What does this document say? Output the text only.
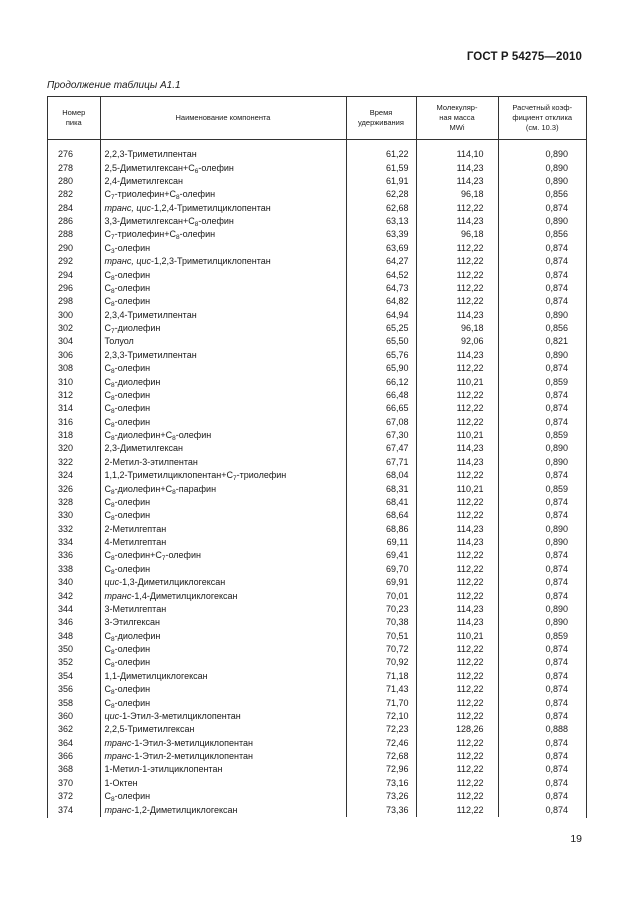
ГОСТ Р 54275—2010
Продолжение таблицы А1.1
Номер
пика	Наименование компонента	Время
удерживания	Молекуляр-
ная масса
MWi	Расчетный коэф-
фициент отклика
(см. 10.3)

276	2,2,3-Триметилпентан	61,22	114,10	0,890
278	$2,5-Диметилгексан+C_6$-олефин	61,59	114,23	0,890
280	2,4-Диметилгексан	61,91	114,23	0,890
282	$C_7-триолефин+C_8$-олефин	62,28	96,18	0,856
284	транс, цис-1,2,4-Триметилциклопентан	62,68	112,22	0,874
286	$3,3-Диметилгексан+C_8$-олефин	63,13	114,23	0,890
288	$C_7-триолефин+C_8$-олефин	63,39	96,18	0,856
290	$C_3$-олефин	63,69	112,22	0,874
292	транс, цис-1,2,3-Триметилциклопентан	64,27	112,22	0,874
294	$C_8$-олефин	64,52	112,22	0,874
296	$C_8$-олефин	64,73	112,22	0,874
298	$C_8$-олефин	64,82	112,22	0,874
300	2,3,4-Триметилпентан	64,94	114,23	0,890
302	$C_7$-диолефин	65,25	96,18	0,856
304	Толуол	65,50	92,06	0,821
306	2,3,3-Триметилпентан	65,76	114,23	0,890
308	$C_8$-олефин	65,90	112,22	0,874
310	$C_8$-диолефин	66,12	110,21	0,859
312	$C_8$-олефин	66,48	112,22	0,874
314	$C_8$-олефин	66,65	112,22	0,874
316	$C_8$-олефин	67,08	112,22	0,874
318	$C_8-диолефин+C_8$-олефин	67,30	110,21	0,859
320	2,3-Диметилгексан	67,47	114,23	0,890
322	2-Метил-3-этилпентан	67,71	114,23	0,890
324	$1,1,2-Триметилциклопентан+C_7$-триолефин	68,04	112,22	0,874
326	$C_8-диолефин+C_8$-парафин	68,31	110,21	0,859
328	$C_8$-олефин	68,41	112,22	0,874
330	$C_8$-олефин	68,64	112,22	0,874
332	2-Метилгептан	68,86	114,23	0,890
334	4-Метилгептан	69,11	114,23	0,890
336	$C_8-олефин+C_7$-олефин	69,41	112,22	0,874
338	$C_8$-олефин	69,70	112,22	0,874
340	цис-1,3-Диметилциклогексан	69,91	112,22	0,874
342	транс-1,4-Диметилциклогексан	70,01	112,22	0,874
344	3-Метилгептан	70,23	114,23	0,890
346	3-Этилгексан	70,38	114,23	0,890
348	$C_8$-диолефин	70,51	110,21	0,859
350	$C_8$-олефин	70,72	112,22	0,874
352	$C_8$-олефин	70,92	112,22	0,874
354	1,1-Диметилциклогексан	71,18	112,22	0,874
356	$C_8$-олефин	71,43	112,22	0,874
358	$C_8$-олефин	71,70	112,22	0,874
360	цис-1-Этил-3-метилциклопентан	72,10	112,22	0,874
362	2,2,5-Триметилгексан	72,23	128,26	0,888
364	транс-1-Этил-3-метилциклопентан	72,46	112,22	0,874
366	транс-1-Этил-2-метилциклопентан	72,68	112,22	0,874
368	1-Метил-1-этилциклопентан	72,96	112,22	0,874
370	1-Октен	73,16	112,22	0,874
372	$C_8$-олефин	73,26	112,22	0,874
374	транс-1,2-Диметилциклогексан	73,36	112,22	0,874
19
